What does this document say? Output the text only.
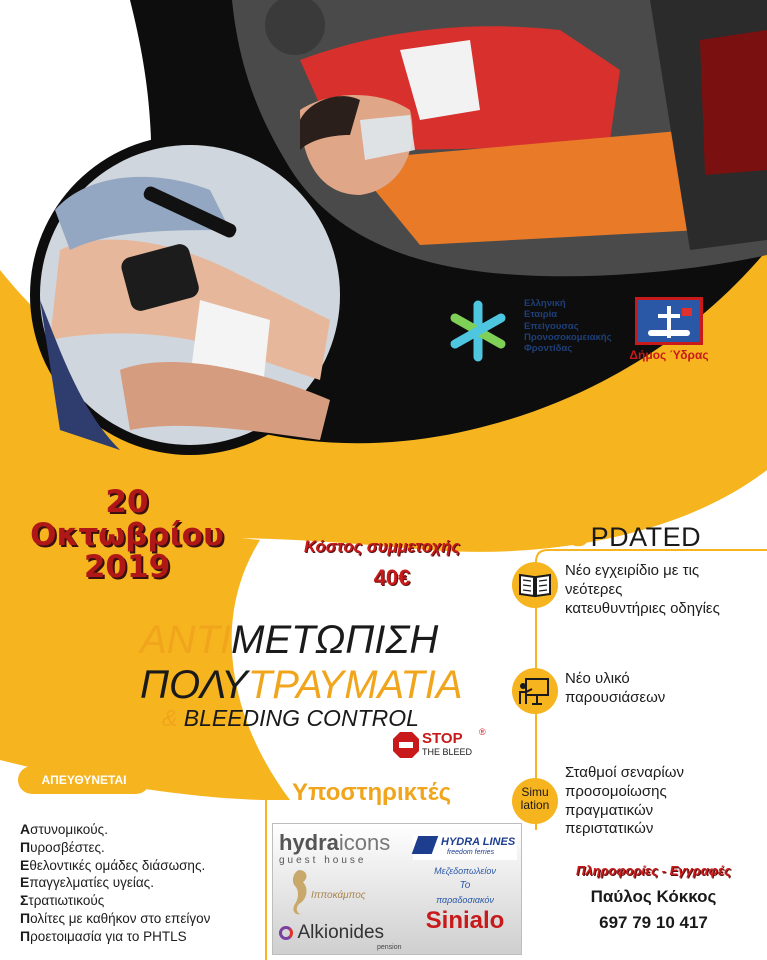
Ελληνική
Εταιρία
Επείγουσας
Προνοσοκομειακής
Φροντίδας	Δήμος Ύδρας
20
Οκτωβρίου
2019
Κόστος συμμετοχής
40€
ΑΝΤΙΜΕΤΩΠΙΣΗ
ΠΟΛΥΤΡΑΥΜΑΤΙΑ
& BLEEDING CONTROL
STOP ®
THE BLEED
UPDATED
Νέο εγχειρίδιο με τις
νεότερες
κατευθυντήριες οδηγίες
Νέο υλικό
παρουσιάσεων
Simu
lation
Σταθμοί σεναρίων
προσομοίωσης
πραγματικών
περιστατικών
ΑΠΕΥΘΥΝΕΤΑΙ
Αστυνομικούς.
Πυροσβέστες.
Εθελοντικές ομάδες διάσωσης.
Επαγγελματίες υγείας.
Στρατιωτικούς
Πολίτες με καθήκον στο επείγον
Προετοιμασία για το PHTLS
Υποστηρικτές
hydraicons
guest house
HYDRA LINES
freedom ferries
Ιπποκάμπος
Alkionides
pension
Μεζεδοπωλείον
Το
παραδοσιακόν
Sinialo
Πληροφορίες - Εγγραφές
Παύλος Κόκκος
697 79 10 417
